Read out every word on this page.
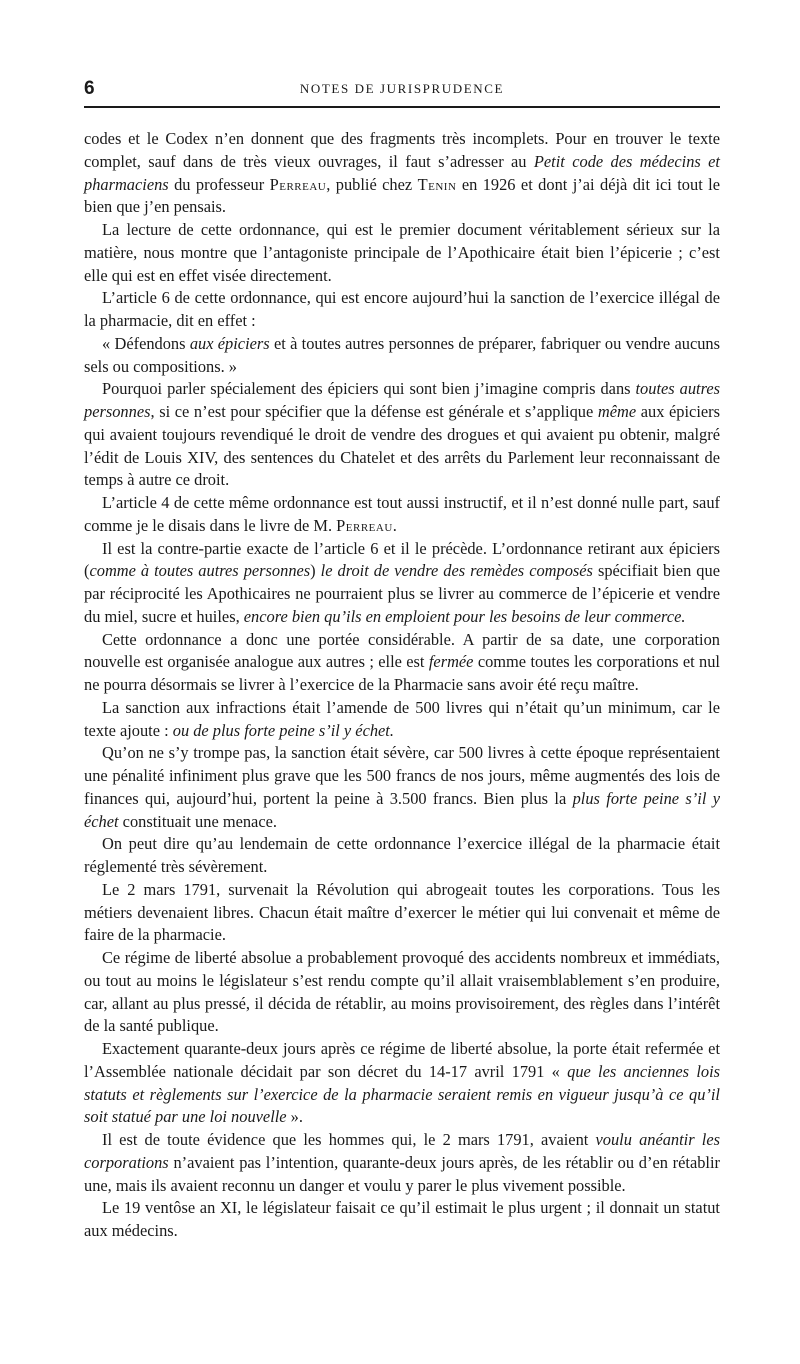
6	NOTES DE JURISPRUDENCE

codes et le Codex n’en donnent que des fragments très incomplets. Pour en trouver le texte complet, sauf dans de très vieux ouvrages, il faut s’adresser au Petit code des médecins et pharmaciens du professeur Perreau, publié chez Tenin en 1926 et dont j’ai déjà dit ici tout le bien que j’en pensais.

La lecture de cette ordonnance, qui est le premier document véritablement sérieux sur la matière, nous montre que l’antagoniste principale de l’Apothicaire était bien l’épicerie ; c’est elle qui est en effet visée directement.

L’article 6 de cette ordonnance, qui est encore aujourd’hui la sanction de l’exercice illégal de la pharmacie, dit en effet :

« Défendons aux épiciers et à toutes autres personnes de préparer, fabriquer ou vendre aucuns sels ou compositions. »

Pourquoi parler spécialement des épiciers qui sont bien j’imagine compris dans toutes autres personnes, si ce n’est pour spécifier que la défense est générale et s’applique même aux épiciers qui avaient toujours revendiqué le droit de vendre des drogues et qui avaient pu obtenir, malgré l’édit de Louis XIV, des sentences du Chatelet et des arrêts du Parlement leur reconnaissant de temps à autre ce droit.

L’article 4 de cette même ordonnance est tout aussi instructif, et il n’est donné nulle part, sauf comme je le disais dans le livre de M. Perreau.

Il est la contre-partie exacte de l’article 6 et il le précède. L’ordonnance retirant aux épiciers (comme à toutes autres personnes) le droit de vendre des remèdes composés spécifiait bien que par réciprocité les Apothicaires ne pourraient plus se livrer au commerce de l’épicerie et vendre du miel, sucre et huiles, encore bien qu’ils en emploient pour les besoins de leur commerce.

Cette ordonnance a donc une portée considérable. A partir de sa date, une corporation nouvelle est organisée analogue aux autres ; elle est fermée comme toutes les corporations et nul ne pourra désormais se livrer à l’exercice de la Pharmacie sans avoir été reçu maître.

La sanction aux infractions était l’amende de 500 livres qui n’était qu’un minimum, car le texte ajoute : ou de plus forte peine s’il y échet.

Qu’on ne s’y trompe pas, la sanction était sévère, car 500 livres à cette époque représentaient une pénalité infiniment plus grave que les 500 francs de nos jours, même augmentés des lois de finances qui, aujourd’hui, portent la peine à 3.500 francs. Bien plus la plus forte peine s’il y échet constituait une menace.

On peut dire qu’au lendemain de cette ordonnance l’exercice illégal de la pharmacie était réglementé très sévèrement.

Le 2 mars 1791, survenait la Révolution qui abrogeait toutes les corporations. Tous les métiers devenaient libres. Chacun était maître d’exercer le métier qui lui convenait et même de faire de la pharmacie.

Ce régime de liberté absolue a probablement provoqué des accidents nombreux et immédiats, ou tout au moins le législateur s’est rendu compte qu’il allait vraisemblablement s’en produire, car, allant au plus pressé, il décida de rétablir, au moins provisoirement, des règles dans l’intérêt de la santé publique.

Exactement quarante-deux jours après ce régime de liberté absolue, la porte était refermée et l’Assemblée nationale décidait par son décret du 14-17 avril 1791 « que les anciennes lois statuts et règlements sur l’exercice de la pharmacie seraient remis en vigueur jusqu’à ce qu’il soit statué par une loi nouvelle ».

Il est de toute évidence que les hommes qui, le 2 mars 1791, avaient voulu anéantir les corporations n’avaient pas l’intention, quarante-deux jours après, de les rétablir ou d’en rétablir une, mais ils avaient reconnu un danger et voulu y parer le plus vivement possible.

Le 19 ventôse an XI, le législateur faisait ce qu’il estimait le plus urgent ; il donnait un statut aux médecins.
